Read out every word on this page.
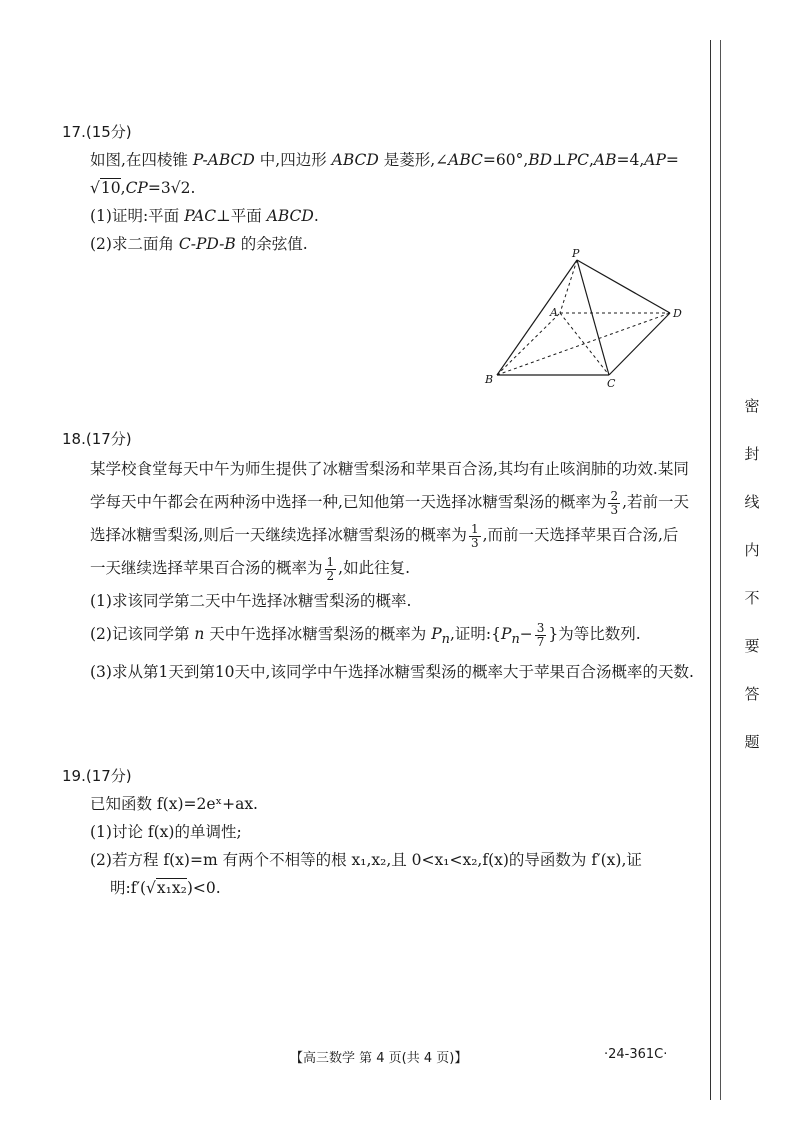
密
封
线
内
不
要
答
题
17.(15分)
如图,在四棱锥 P-ABCD 中,四边形 ABCD 是菱形,∠ABC=60°,BD⊥PC,AB=4,AP=
√10,CP=3√2.
(1)证明:平面 PAC⊥平面 ABCD.
(2)求二面角 C-PD-B 的余弦值.
P
A
B	C
D
18.(17分)
某学校食堂每天中午为师生提供了冰糖雪梨汤和苹果百合汤,其均有止咳润肺的功效.某同
学每天中午都会在两种汤中选择一种,已知他第一天选择冰糖雪梨汤的概率为 $\frac{2}{3}$ ,若前一天
选择冰糖雪梨汤,则后一天继续选择冰糖雪梨汤的概率为 $\frac{1}{3}$ ,而前一天选择苹果百合汤,后
一天继续选择苹果百合汤的概率为 $\frac{1}{2}$ ,如此往复.
(1)求该同学第二天中午选择冰糖雪梨汤的概率.
(2)记该同学第 n 天中午选择冰糖雪梨汤的概率为 $P_n$,证明$:\{P_n- \frac{3}{7}$ }为等比数列.
(3)求从第1天到第10天中,该同学中午选择冰糖雪梨汤的概率大于苹果百合汤概率的天数.
19.(17分)
已知函数 f(x)=2eˣ+ax.
(1)讨论 f(x)的单调性;
(2)若方程 f(x)=m 有两个不相等的根 x₁,x₂,且 0<x₁<x₂,f(x)的导函数为 f′(x),证
明:f′(√x₁x₂)<0.
【高三数学 第 4 页(共 4 页)】	·24-361C·
